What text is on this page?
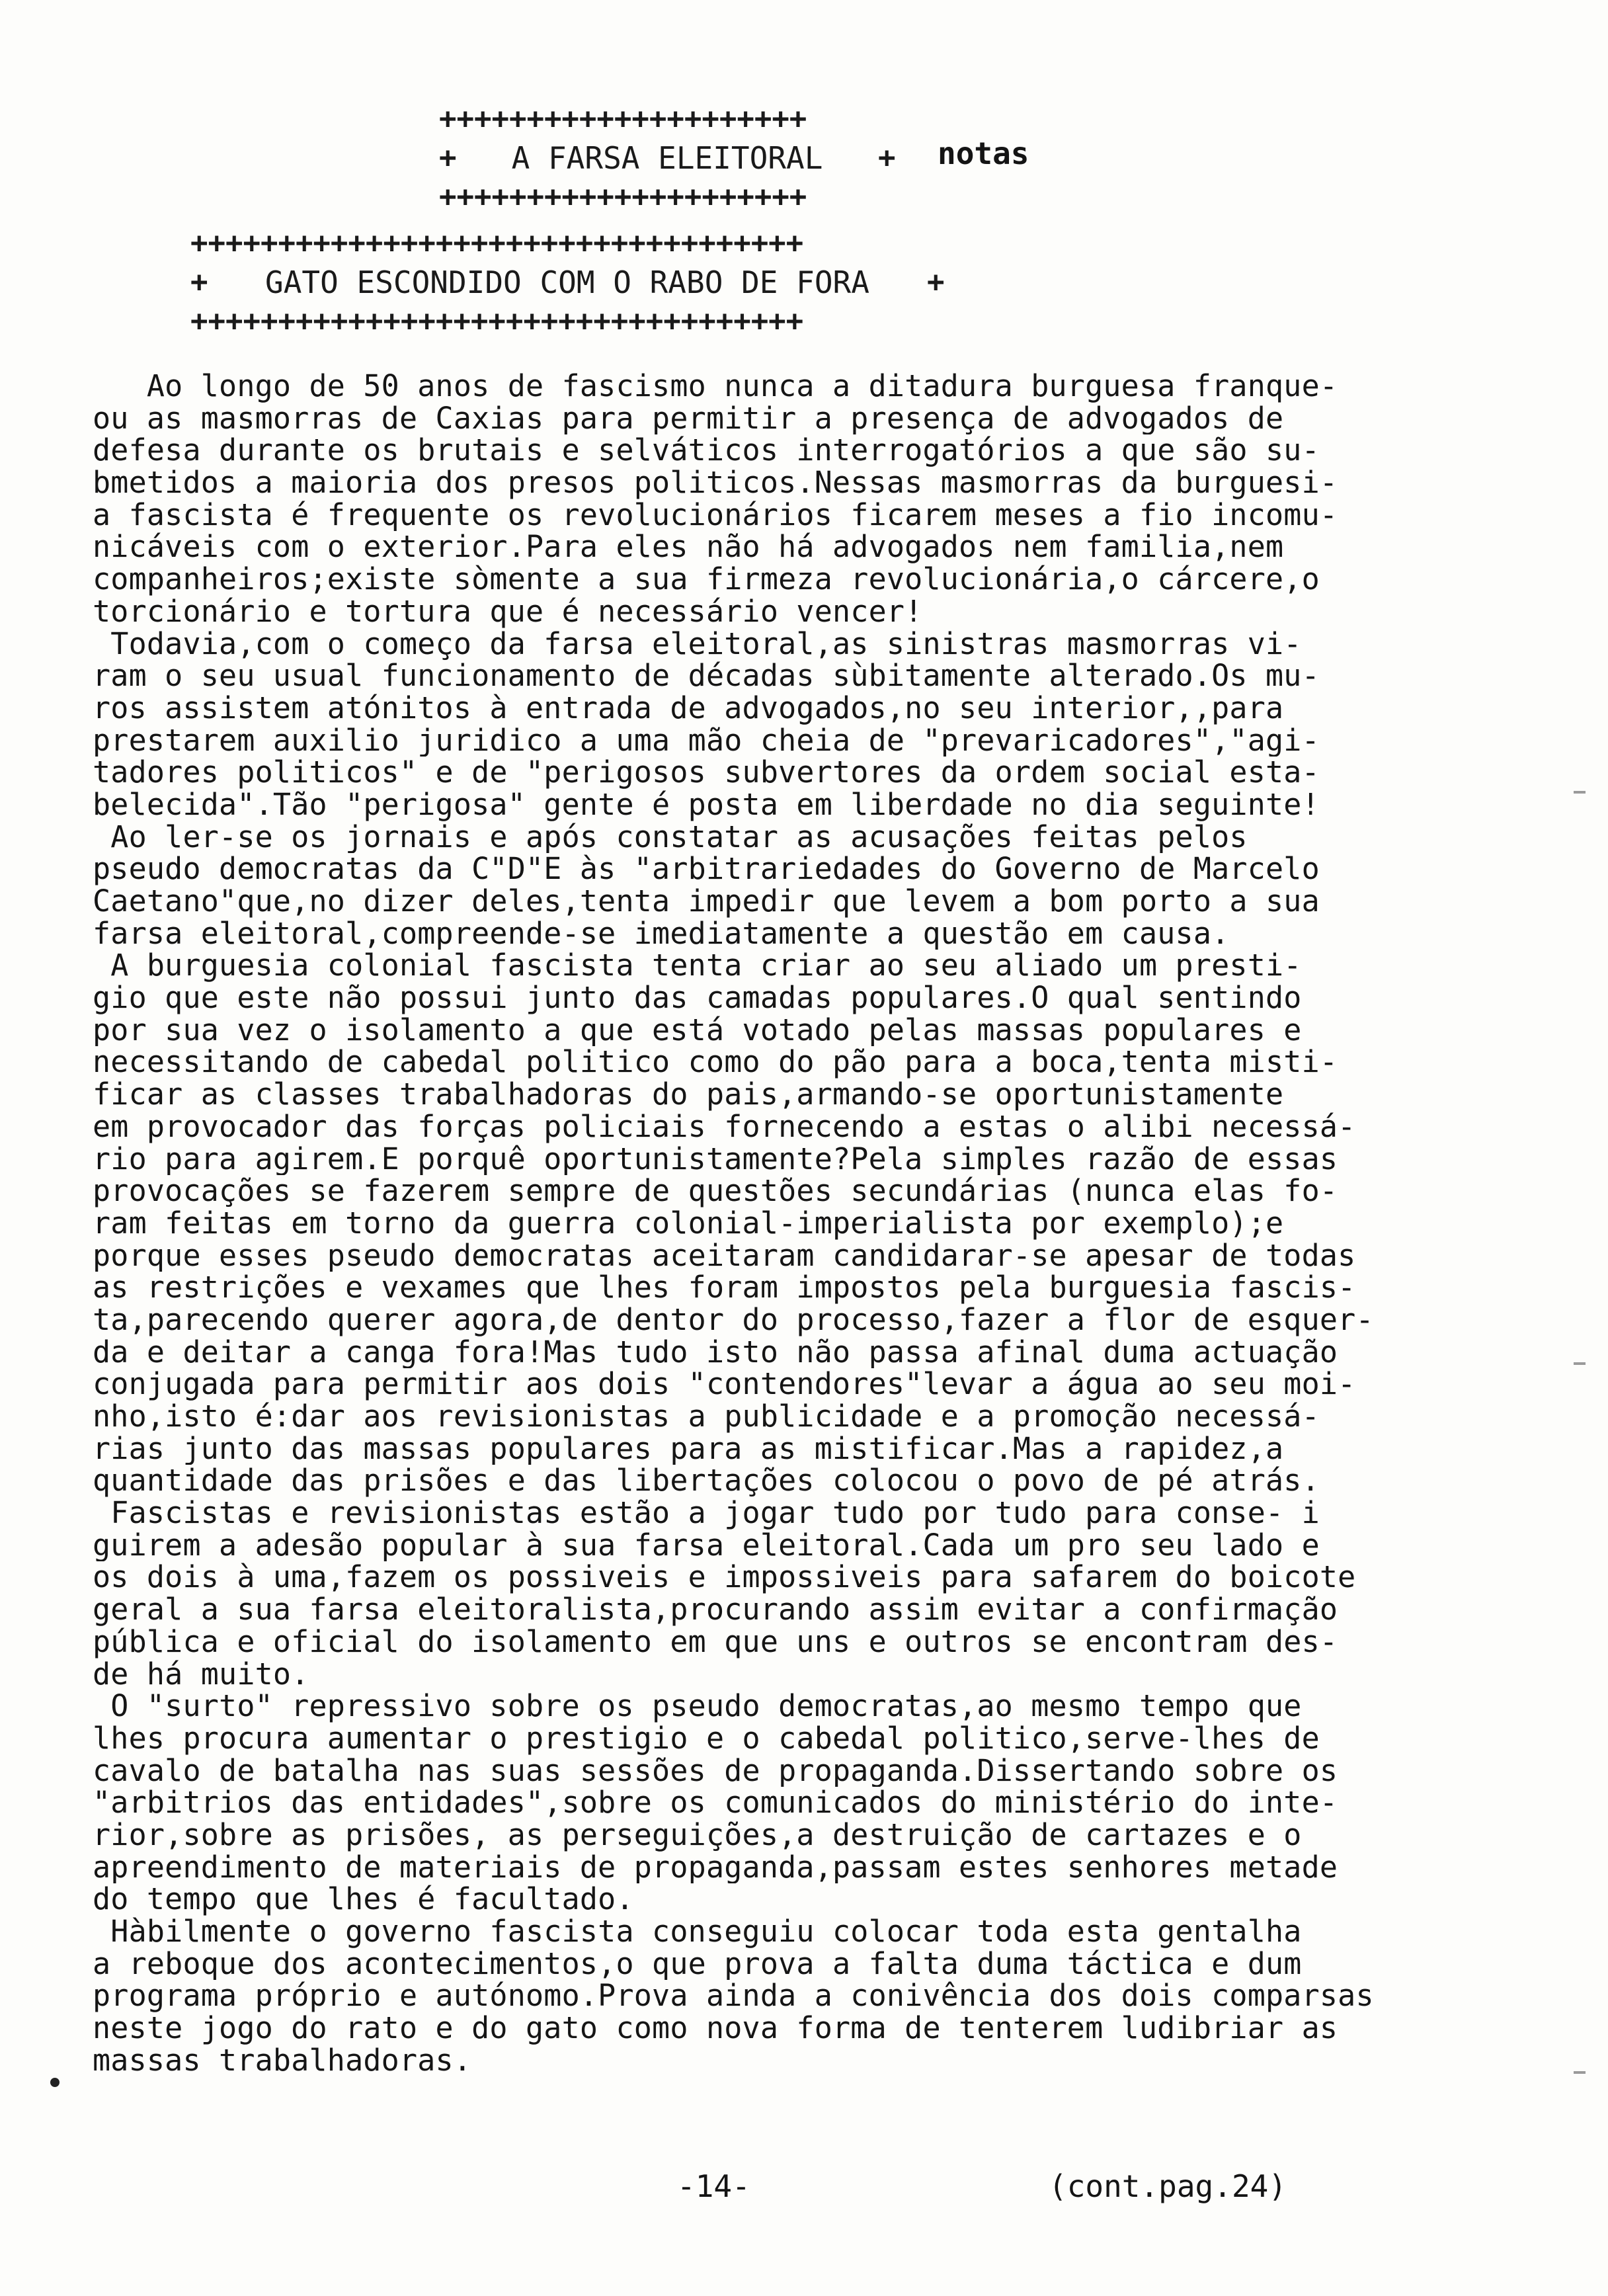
+++++++++++++++++++++
+	A FARSA ELEITORAL	+
+++++++++++++++++++++
notas
+++++++++++++++++++++++++++++++++++
+	GATO ESCONDIDO COM O RABO DE FORA	+
+++++++++++++++++++++++++++++++++++
Ao longo de 50 anos de fascismo nunca a ditadura burguesa franque-
ou as masmorras de Caxias para permitir a presença de advogados de
defesa durante os brutais e selváticos interrogatórios a que são su-
bmetidos a maioria dos presos politicos.Nessas masmorras da burguesi-
a fascista é frequente os revolucionários ficarem meses a fio incomu-
nicáveis com o exterior.Para eles não há advogados nem familia,nem
companheiros;existe sòmente a sua firmeza revolucionária,o cárcere,o
torcionário e tortura que é necessário vencer!
Todavia,com o começo da farsa eleitoral,as sinistras masmorras vi-
ram o seu usual funcionamento de décadas sùbitamente alterado.Os mu-
ros assistem atónitos à entrada de advogados,no seu interior,,para
prestarem auxilio juridico a uma mão cheia de "prevaricadores","agi-
tadores politicos" e de "perigosos subvertores da ordem social esta-
belecida".Tão "perigosa" gente é posta em liberdade no dia seguinte!
Ao ler-se os jornais e após constatar as acusações feitas pelos
pseudo democratas da C"D"E às "arbitrariedades do Governo de Marcelo
Caetano"que,no dizer deles,tenta impedir que levem a bom porto a sua
farsa eleitoral,compreende-se imediatamente a questão em causa.
A burguesia colonial fascista tenta criar ao seu aliado um presti-
gio que este não possui junto das camadas populares.O qual sentindo
por sua vez o isolamento a que está votado pelas massas populares e
necessitando de cabedal politico como do pão para a boca,tenta misti-
ficar as classes trabalhadoras do pais,armando-se oportunistamente
em provocador das forças policiais fornecendo a estas o alibi necessá-
rio para agirem.E porquê oportunistamente?Pela simples razão de essas
provocações se fazerem sempre de questões secundárias (nunca elas fo-
ram feitas em torno da guerra colonial-imperialista por exemplo);e
porque esses pseudo democratas aceitaram candidarar-se apesar de todas
as restrições e vexames que lhes foram impostos pela burguesia fascis-
ta,parecendo querer agora,de dentor do processo,fazer a flor de esquer-
da e deitar a canga fora!Mas tudo isto não passa afinal duma actuação
conjugada para permitir aos dois "contendores"levar a água ao seu moi-
nho,isto é:dar aos revisionistas a publicidade e a promoção necessá-
rias junto das massas populares para as mistificar.Mas a rapidez,a
quantidade das prisões e das libertações colocou o povo de pé atrás.
Fascistas e revisionistas estão a jogar tudo por tudo para conse- i
guirem a adesão popular à sua farsa eleitoral.Cada um pro seu lado e
os dois à uma,fazem os possiveis e impossiveis para safarem do boicote
geral a sua farsa eleitoralista,procurando assim evitar a confirmação
pública e oficial do isolamento em que uns e outros se encontram des-
de há muito.
O "surto" repressivo sobre os pseudo democratas,ao mesmo tempo que
lhes procura aumentar o prestigio e o cabedal politico,serve-lhes de
cavalo de batalha nas suas sessões de propaganda.Dissertando sobre os
"arbitrios das entidades",sobre os comunicados do ministério do inte-
rior,sobre as prisões, as perseguições,a destruição de cartazes e o
apreendimento de materiais de propaganda,passam estes senhores metade
do tempo que lhes é facultado.
Hàbilmente o governo fascista conseguiu colocar toda esta gentalha
a reboque dos acontecimentos,o que prova a falta duma táctica e dum
programa próprio e autónomo.Prova ainda a conivência dos dois comparsas
neste jogo do rato e do gato como nova forma de tenterem ludibriar as
massas trabalhadoras.
-14-	(cont.pag.24)
